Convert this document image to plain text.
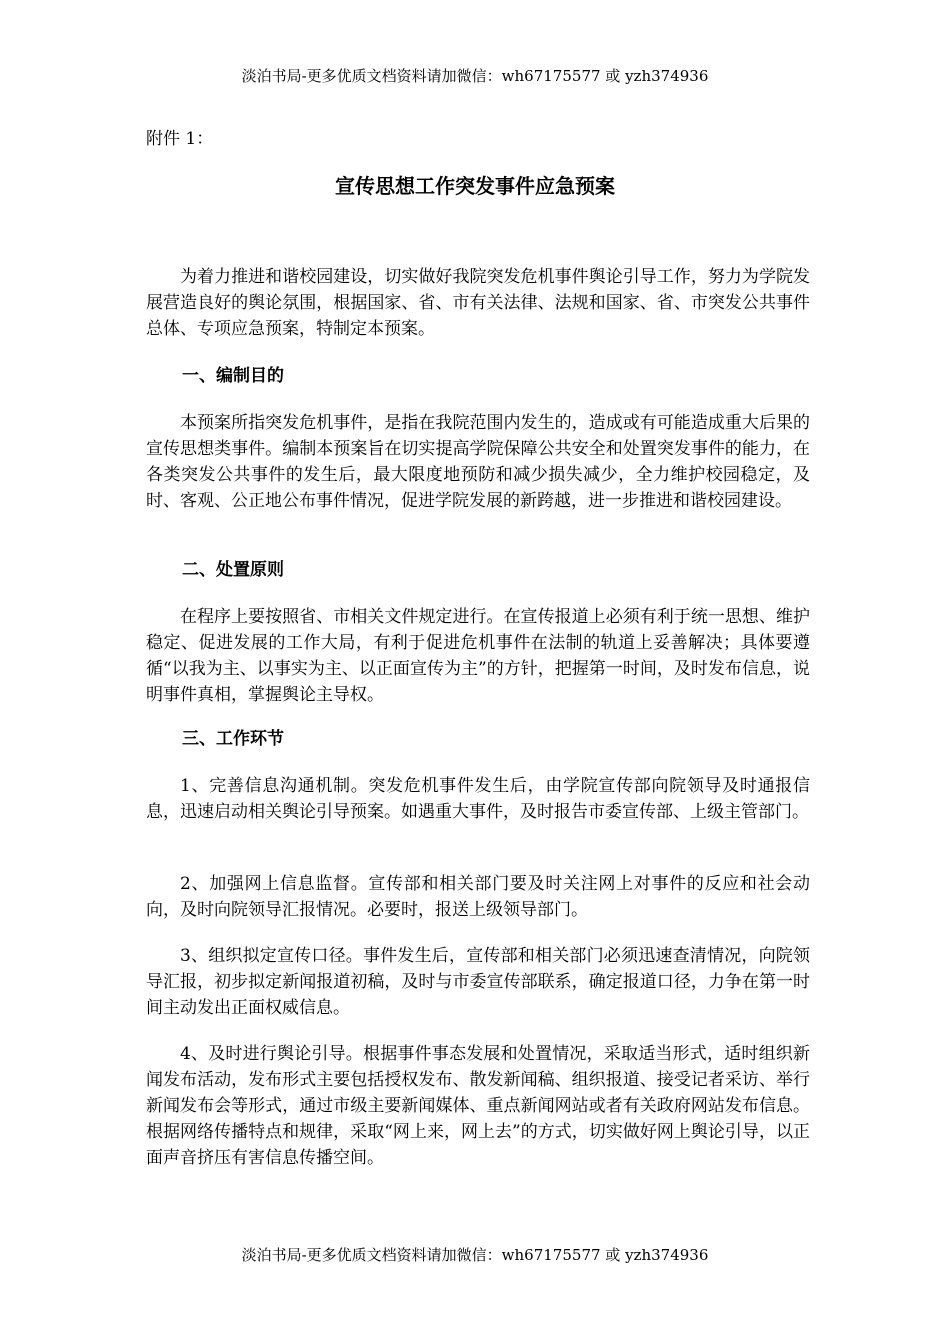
淡泊书局-更多优质文档资料请加微信：wh67175577 或 yzh374936
附件 1：
宣传思想工作突发事件应急预案
为着力推进和谐校园建设，切实做好我院突发危机事件舆论引导工作，努力为学院发展营造良好的舆论氛围，根据国家、省、市有关法律、法规和国家、省、市突发公共事件总体、专项应急预案，特制定本预案。
一、编制目的
本预案所指突发危机事件，是指在我院范围内发生的，造成或有可能造成重大后果的宣传思想类事件。编制本预案旨在切实提高学院保障公共安全和处置突发事件的能力，在各类突发公共事件的发生后，最大限度地预防和减少损失减少，全力维护校园稳定，及时、客观、公正地公布事件情况，促进学院发展的新跨越，进一步推进和谐校园建设。
二、处置原则
在程序上要按照省、市相关文件规定进行。在宣传报道上必须有利于统一思想、维护稳定、促进发展的工作大局，有利于促进危机事件在法制的轨道上妥善解决；具体要遵循“以我为主、以事实为主、以正面宣传为主”的方针，把握第一时间，及时发布信息，说明事件真相，掌握舆论主导权。
三、工作环节
1、完善信息沟通机制。突发危机事件发生后，由学院宣传部向院领导及时通报信息，迅速启动相关舆论引导预案。如遇重大事件，及时报告市委宣传部、上级主管部门。
2、加强网上信息监督。宣传部和相关部门要及时关注网上对事件的反应和社会动向，及时向院领导汇报情况。必要时，报送上级领导部门。
3、组织拟定宣传口径。事件发生后，宣传部和相关部门必须迅速查清情况，向院领导汇报，初步拟定新闻报道初稿，及时与市委宣传部联系，确定报道口径，力争在第一时间主动发出正面权威信息。
4、及时进行舆论引导。根据事件事态发展和处置情况，采取适当形式，适时组织新闻发布活动，发布形式主要包括授权发布、散发新闻稿、组织报道、接受记者采访、举行新闻发布会等形式，通过市级主要新闻媒体、重点新闻网站或者有关政府网站发布信息。根据网络传播特点和规律，采取“网上来，网上去”的方式，切实做好网上舆论引导，以正面声音挤压有害信息传播空间。
淡泊书局-更多优质文档资料请加微信：wh67175577 或 yzh374936
